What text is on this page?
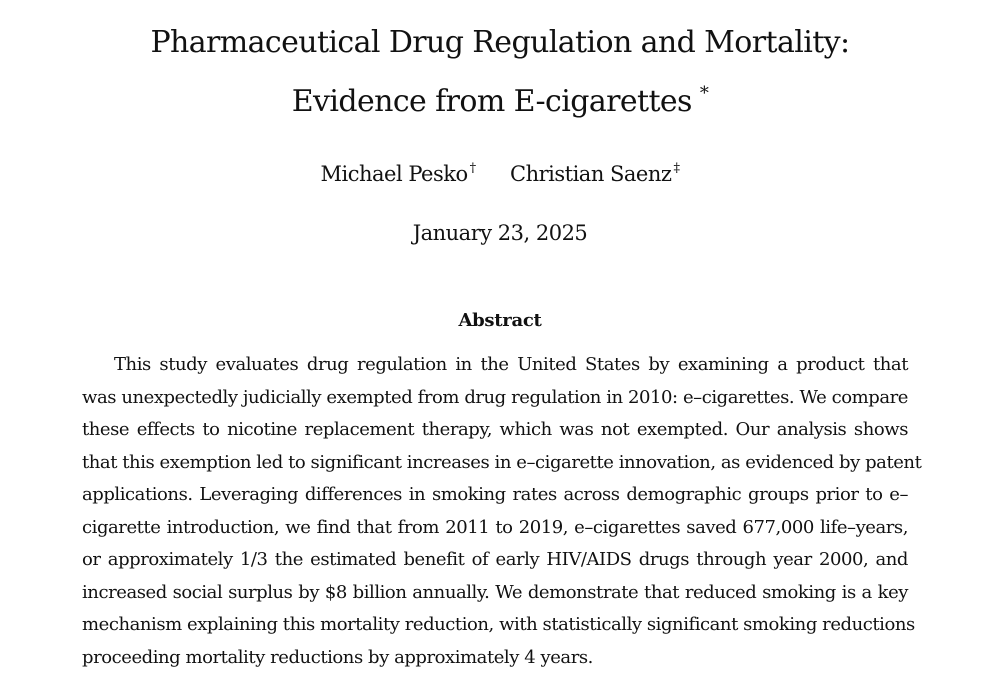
Pharmaceutical Drug Regulation and Mortality:
Evidence from E-cigarettes *
Michael Pesko † Christian Saenz ‡
January 23, 2025
Abstract
This study evaluates drug regulation in the United States by examining a product that
was unexpectedly judicially exempted from drug regulation in 2010: e–cigarettes. We compare
these effects to nicotine replacement therapy, which was not exempted. Our analysis shows
that this exemption led to significant increases in e–cigarette innovation, as evidenced by patent
applications. Leveraging differences in smoking rates across demographic groups prior to e–
cigarette introduction, we find that from 2011 to 2019, e–cigarettes saved 677,000 life–years,
or approximately 1/3 the estimated benefit of early HIV/AIDS drugs through year 2000, and
increased social surplus by $8 billion annually. We demonstrate that reduced smoking is a key
mechanism explaining this mortality reduction, with statistically significant smoking reductions
proceeding mortality reductions by approximately 4 years.
